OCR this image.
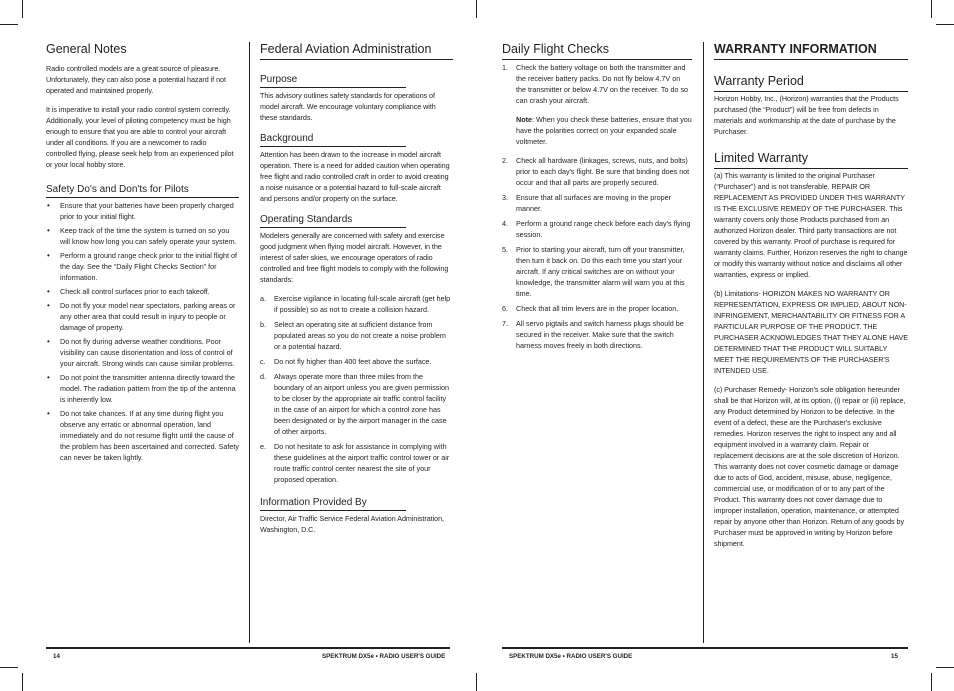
General Notes

Radio controlled models are a great source of pleasure. Unfortunately, they can also pose a potential hazard if not operated and maintained properly.

It is imperative to install your radio control system correctly. Additionally, your level of piloting competency must be high enough to ensure that you are able to control your aircraft under all conditions. If you are a newcomer to radio controlled flying, please seek help from an experienced pilot or your local hobby store.

Safety Do's and Don'ts for Pilots
• Ensure that your batteries have been properly charged prior to your initial flight.
• Keep track of the time the system is turned on so you will know how long you can safely operate your system.
• Perform a ground range check prior to the initial flight of the day. See the “Daily Flight Checks Section” for information.
• Check all control surfaces prior to each takeoff.
• Do not fly your model near spectators, parking areas or any other area that could result in injury to people or damage of property.
• Do not fly during adverse weather conditions. Poor visibility can cause disorientation and loss of control of your aircraft. Strong winds can cause similar problems.
• Do not point the transmitter antenna directly toward the model. The radiation pattern from the tip of the antenna is inherently low.
• Do not take chances. If at any time during flight you observe any erratic or abnormal operation, land immediately and do not resume flight until the cause of the problem has been ascertained and corrected. Safety can never be taken lightly.
Federal Aviation Administration
Purpose

This advisory outlines safety standards for operations of model aircraft. We encourage voluntary compliance with these standards.

Background

Attention has been drawn to the increase in model aircraft operation. There is a need for added caution when operating free flight and radio controlled craft in order to avoid creating a noise nuisance or a potential hazard to full-scale aircraft and persons and/or property on the surface.

Operating Standards

Modelers generally are concerned with safety and exercise good judgment when flying model aircraft. However, in the interest of safer skies, we encourage operators of radio controlled and free flight models to comply with the following standards:

a. Exercise vigilance in locating full-scale aircraft (get help if possible) so as not to create a collision hazard.
b. Select an operating site at sufficient distance from populated areas so you do not create a noise problem or a potential hazard.
c. Do not fly higher than 400 feet above the surface.
d. Always operate more than three miles from the boundary of an airport unless you are given permission to be closer by the appropriate air traffic control facility in the case of an airport for which a control zone has been designated or by the airport manager in the case of other airports.
e. Do not hesitate to ask for assistance in complying with these guidelines at the airport traffic control tower or air route traffic control center nearest the site of your proposed operation.
Information Provided By

Director, Air Traffic Service Federal Aviation Administration, Washington, D.C.

Daily Flight Checks
1. Check the battery voltage on both the transmitter and the receiver battery packs. Do not fly below 4.7V on the transmitter or below 4.7V on the receiver. To do so can crash your aircraft.
Note: When you check these batteries, ensure that you have the polarities correct on your expanded scale voltmeter.
2. Check all hardware (linkages, screws, nuts, and bolts) prior to each day's flight. Be sure that binding does not occur and that all parts are properly secured.
3. Ensure that all surfaces are moving in the proper manner.
4. Perform a ground range check before each day's flying session.
5. Prior to starting your aircraft, turn off your transmitter, then turn it back on. Do this each time you start your aircraft. If any critical switches are on without your knowledge, the transmitter alarm will warn you at this time.
6. Check that all trim levers are in the proper location.
7. All servo pigtails and switch harness plugs should be secured in the receiver. Make sure that the switch harness moves freely in both directions.
WARRANTY INFORMATION
Warranty Period

Horizon Hobby, Inc., (Horizon) warranties that the Products purchased (the “Product”) will be free from defects in materials and workmanship at the date of purchase by the Purchaser.

Limited Warranty

(a) This warranty is limited to the original Purchaser (“Purchaser”) and is not transferable. REPAIR OR REPLACEMENT AS PROVIDED UNDER THIS WARRANTY IS THE EXCLUSIVE REMEDY OF THE PURCHASER. This warranty covers only those Products purchased from an authorized Horizon dealer. Third party transactions are not covered by this warranty. Proof of purchase is required for warranty claims. Further, Horizon reserves the right to change or modify this warranty without notice and disclaims all other warranties, express or implied.

(b) Limitations- HORIZON MAKES NO WARRANTY OR REPRESENTATION, EXPRESS OR IMPLIED, ABOUT NON-INFRINGEMENT, MERCHANTABILITY OR FITNESS FOR A PARTICULAR PURPOSE OF THE PRODUCT. THE PURCHASER ACKNOWLEDGES THAT THEY ALONE HAVE DETERMINED THAT THE PRODUCT WILL SUITABLY MEET THE REQUIREMENTS OF THE PURCHASER'S INTENDED USE.

(c) Purchaser Remedy- Horizon's sole obligation hereunder shall be that Horizon will, at its option, (i) repair or (ii) replace, any Product determined by Horizon to be defective. In the event of a defect, these are the Purchaser's exclusive remedies. Horizon reserves the right to inspect any and all equipment involved in a warranty claim. Repair or replacement decisions are at the sole discretion of Horizon. This warranty does not cover cosmetic damage or damage due to acts of God, accident, misuse, abuse, negligence, commercial use, or modification of or to any part of the Product. This warranty does not cover damage due to improper installation, operation, maintenance, or attempted repair by anyone other than Horizon. Return of any goods by Purchaser must be approved in writing by Horizon before shipment.

14	SPEKTRUM DX5e • RADIO USER'S GUIDE	SPEKTRUM DX5e • RADIO USER'S GUIDE	15
